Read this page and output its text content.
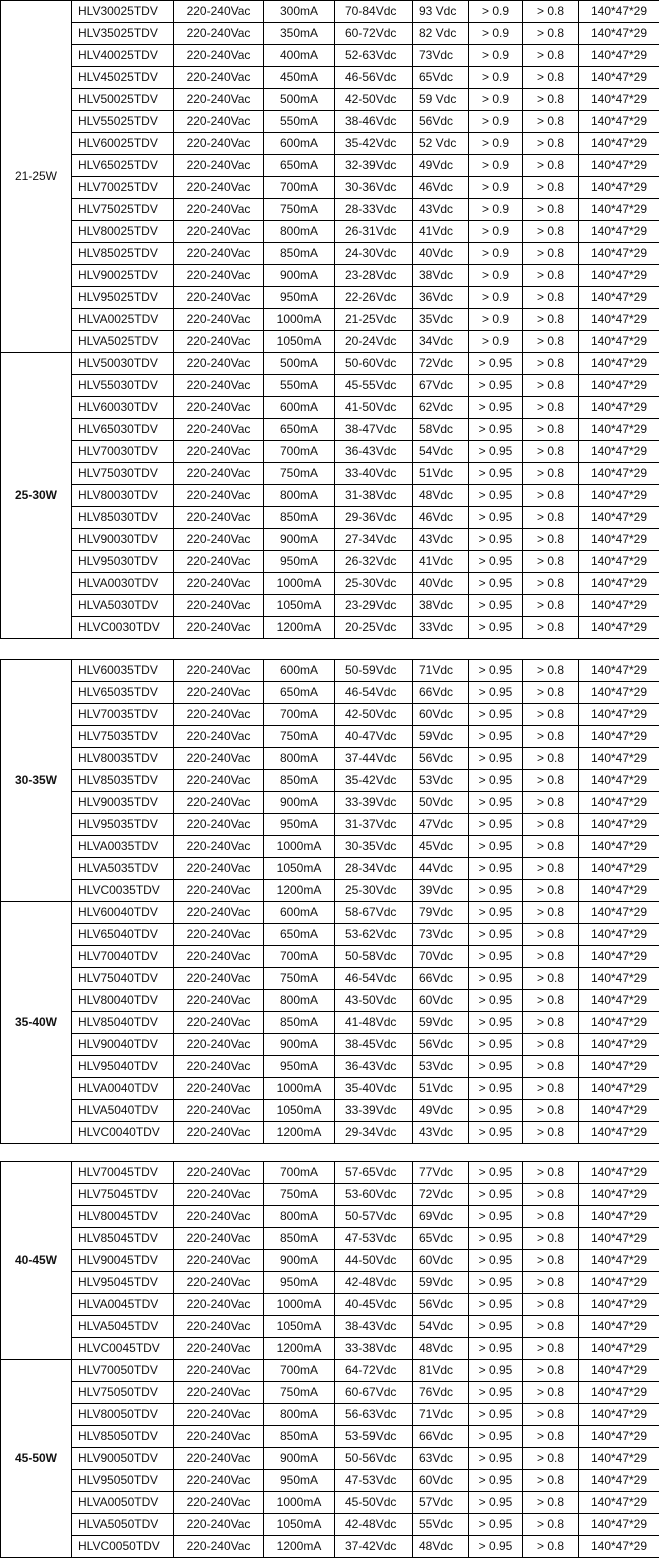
21-25W	HLV30025TDV	220-240Vac	300mA	70-84Vdc	93 Vdc	> 0.9	> 0.8	140*47*29
	HLV35025TDV	220-240Vac	350mA	60-72Vdc	82 Vdc	> 0.9	> 0.8	140*47*29
	HLV40025TDV	220-240Vac	400mA	52-63Vdc	73Vdc	> 0.9	> 0.8	140*47*29
	HLV45025TDV	220-240Vac	450mA	46-56Vdc	65Vdc	> 0.9	> 0.8	140*47*29
	HLV50025TDV	220-240Vac	500mA	42-50Vdc	59 Vdc	> 0.9	> 0.8	140*47*29
	HLV55025TDV	220-240Vac	550mA	38-46Vdc	56Vdc	> 0.9	> 0.8	140*47*29
	HLV60025TDV	220-240Vac	600mA	35-42Vdc	52 Vdc	> 0.9	> 0.8	140*47*29
	HLV65025TDV	220-240Vac	650mA	32-39Vdc	49Vdc	> 0.9	> 0.8	140*47*29
	HLV70025TDV	220-240Vac	700mA	30-36Vdc	46Vdc	> 0.9	> 0.8	140*47*29
	HLV75025TDV	220-240Vac	750mA	28-33Vdc	43Vdc	> 0.9	> 0.8	140*47*29
	HLV80025TDV	220-240Vac	800mA	26-31Vdc	41Vdc	> 0.9	> 0.8	140*47*29
	HLV85025TDV	220-240Vac	850mA	24-30Vdc	40Vdc	> 0.9	> 0.8	140*47*29
	HLV90025TDV	220-240Vac	900mA	23-28Vdc	38Vdc	> 0.9	> 0.8	140*47*29
	HLV95025TDV	220-240Vac	950mA	22-26Vdc	36Vdc	> 0.9	> 0.8	140*47*29
	HLVA0025TDV	220-240Vac	1000mA	21-25Vdc	35Vdc	> 0.9	> 0.8	140*47*29
	HLVA5025TDV	220-240Vac	1050mA	20-24Vdc	34Vdc	> 0.9	> 0.8	140*47*29
25-30W	HLV50030TDV	220-240Vac	500mA	50-60Vdc	72Vdc	> 0.95	> 0.8	140*47*29
	HLV55030TDV	220-240Vac	550mA	45-55Vdc	67Vdc	> 0.95	> 0.8	140*47*29
	HLV60030TDV	220-240Vac	600mA	41-50Vdc	62Vdc	> 0.95	> 0.8	140*47*29
	HLV65030TDV	220-240Vac	650mA	38-47Vdc	58Vdc	> 0.95	> 0.8	140*47*29
	HLV70030TDV	220-240Vac	700mA	36-43Vdc	54Vdc	> 0.95	> 0.8	140*47*29
	HLV75030TDV	220-240Vac	750mA	33-40Vdc	51Vdc	> 0.95	> 0.8	140*47*29
	HLV80030TDV	220-240Vac	800mA	31-38Vdc	48Vdc	> 0.95	> 0.8	140*47*29
	HLV85030TDV	220-240Vac	850mA	29-36Vdc	46Vdc	> 0.95	> 0.8	140*47*29
	HLV90030TDV	220-240Vac	900mA	27-34Vdc	43Vdc	> 0.95	> 0.8	140*47*29
	HLV95030TDV	220-240Vac	950mA	26-32Vdc	41Vdc	> 0.95	> 0.8	140*47*29
	HLVA0030TDV	220-240Vac	1000mA	25-30Vdc	40Vdc	> 0.95	> 0.8	140*47*29
	HLVA5030TDV	220-240Vac	1050mA	23-29Vdc	38Vdc	> 0.95	> 0.8	140*47*29
	HLVC0030TDV	220-240Vac	1200mA	20-25Vdc	33Vdc	> 0.95	> 0.8	140*47*29
30-35W	HLV60035TDV	220-240Vac	600mA	50-59Vdc	71Vdc	> 0.95	> 0.8	140*47*29
	HLV65035TDV	220-240Vac	650mA	46-54Vdc	66Vdc	> 0.95	> 0.8	140*47*29
	HLV70035TDV	220-240Vac	700mA	42-50Vdc	60Vdc	> 0.95	> 0.8	140*47*29
	HLV75035TDV	220-240Vac	750mA	40-47Vdc	59Vdc	> 0.95	> 0.8	140*47*29
	HLV80035TDV	220-240Vac	800mA	37-44Vdc	56Vdc	> 0.95	> 0.8	140*47*29
	HLV85035TDV	220-240Vac	850mA	35-42Vdc	53Vdc	> 0.95	> 0.8	140*47*29
	HLV90035TDV	220-240Vac	900mA	33-39Vdc	50Vdc	> 0.95	> 0.8	140*47*29
	HLV95035TDV	220-240Vac	950mA	31-37Vdc	47Vdc	> 0.95	> 0.8	140*47*29
	HLVA0035TDV	220-240Vac	1000mA	30-35Vdc	45Vdc	> 0.95	> 0.8	140*47*29
	HLVA5035TDV	220-240Vac	1050mA	28-34Vdc	44Vdc	> 0.95	> 0.8	140*47*29
	HLVC0035TDV	220-240Vac	1200mA	25-30Vdc	39Vdc	> 0.95	> 0.8	140*47*29
35-40W	HLV60040TDV	220-240Vac	600mA	58-67Vdc	79Vdc	> 0.95	> 0.8	140*47*29
	HLV65040TDV	220-240Vac	650mA	53-62Vdc	73Vdc	> 0.95	> 0.8	140*47*29
	HLV70040TDV	220-240Vac	700mA	50-58Vdc	70Vdc	> 0.95	> 0.8	140*47*29
	HLV75040TDV	220-240Vac	750mA	46-54Vdc	66Vdc	> 0.95	> 0.8	140*47*29
	HLV80040TDV	220-240Vac	800mA	43-50Vdc	60Vdc	> 0.95	> 0.8	140*47*29
	HLV85040TDV	220-240Vac	850mA	41-48Vdc	59Vdc	> 0.95	> 0.8	140*47*29
	HLV90040TDV	220-240Vac	900mA	38-45Vdc	56Vdc	> 0.95	> 0.8	140*47*29
	HLV95040TDV	220-240Vac	950mA	36-43Vdc	53Vdc	> 0.95	> 0.8	140*47*29
	HLVA0040TDV	220-240Vac	1000mA	35-40Vdc	51Vdc	> 0.95	> 0.8	140*47*29
	HLVA5040TDV	220-240Vac	1050mA	33-39Vdc	49Vdc	> 0.95	> 0.8	140*47*29
	HLVC0040TDV	220-240Vac	1200mA	29-34Vdc	43Vdc	> 0.95	> 0.8	140*47*29
40-45W	HLV70045TDV	220-240Vac	700mA	57-65Vdc	77Vdc	> 0.95	> 0.8	140*47*29
	HLV75045TDV	220-240Vac	750mA	53-60Vdc	72Vdc	> 0.95	> 0.8	140*47*29
	HLV80045TDV	220-240Vac	800mA	50-57Vdc	69Vdc	> 0.95	> 0.8	140*47*29
	HLV85045TDV	220-240Vac	850mA	47-53Vdc	65Vdc	> 0.95	> 0.8	140*47*29
	HLV90045TDV	220-240Vac	900mA	44-50Vdc	60Vdc	> 0.95	> 0.8	140*47*29
	HLV95045TDV	220-240Vac	950mA	42-48Vdc	59Vdc	> 0.95	> 0.8	140*47*29
	HLVA0045TDV	220-240Vac	1000mA	40-45Vdc	56Vdc	> 0.95	> 0.8	140*47*29
	HLVA5045TDV	220-240Vac	1050mA	38-43Vdc	54Vdc	> 0.95	> 0.8	140*47*29
	HLVC0045TDV	220-240Vac	1200mA	33-38Vdc	48Vdc	> 0.95	> 0.8	140*47*29
45-50W	HLV70050TDV	220-240Vac	700mA	64-72Vdc	81Vdc	> 0.95	> 0.8	140*47*29
	HLV75050TDV	220-240Vac	750mA	60-67Vdc	76Vdc	> 0.95	> 0.8	140*47*29
	HLV80050TDV	220-240Vac	800mA	56-63Vdc	71Vdc	> 0.95	> 0.8	140*47*29
	HLV85050TDV	220-240Vac	850mA	53-59Vdc	66Vdc	> 0.95	> 0.8	140*47*29
	HLV90050TDV	220-240Vac	900mA	50-56Vdc	63Vdc	> 0.95	> 0.8	140*47*29
	HLV95050TDV	220-240Vac	950mA	47-53Vdc	60Vdc	> 0.95	> 0.8	140*47*29
	HLVA0050TDV	220-240Vac	1000mA	45-50Vdc	57Vdc	> 0.95	> 0.8	140*47*29
	HLVA5050TDV	220-240Vac	1050mA	42-48Vdc	55Vdc	> 0.95	> 0.8	140*47*29
	HLVC0050TDV	220-240Vac	1200mA	37-42Vdc	48Vdc	> 0.95	> 0.8	140*47*29
